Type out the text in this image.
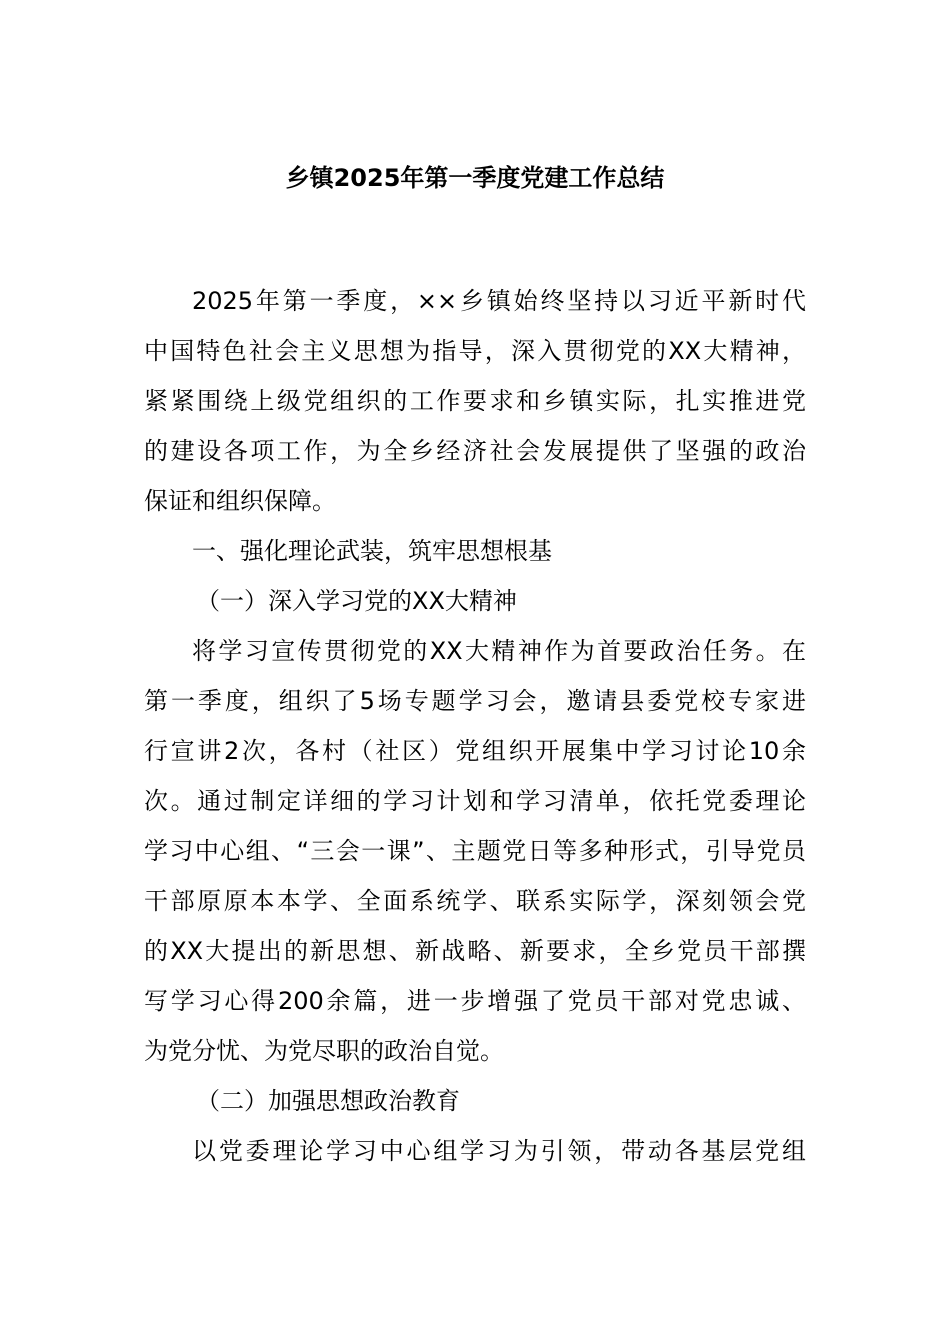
乡镇2025年第一季度党建工作总结

2025年第一季度，××乡镇始终坚持以习近平新时代

中国特色社会主义思想为指导，深入贯彻党的XX大精神，

紧紧围绕上级党组织的工作要求和乡镇实际，扎实推进党

的建设各项工作，为全乡经济社会发展提供了坚强的政治

保证和组织保障。

一、强化理论武装，筑牢思想根基

（一）深入学习党的XX大精神

将学习宣传贯彻党的XX大精神作为首要政治任务。在

第一季度，组织了5场专题学习会，邀请县委党校专家进

行宣讲2次，各村（社区）党组织开展集中学习讨论10余

次。通过制定详细的学习计划和学习清单，依托党委理论

学习中心组、“三会一课”、主题党日等多种形式，引导党员

干部原原本本学、全面系统学、联系实际学，深刻领会党

的XX大提出的新思想、新战略、新要求，全乡党员干部撰

写学习心得200余篇，进一步增强了党员干部对党忠诚、

为党分忧、为党尽职的政治自觉。

（二）加强思想政治教育

以党委理论学习中心组学习为引领，带动各基层党组
